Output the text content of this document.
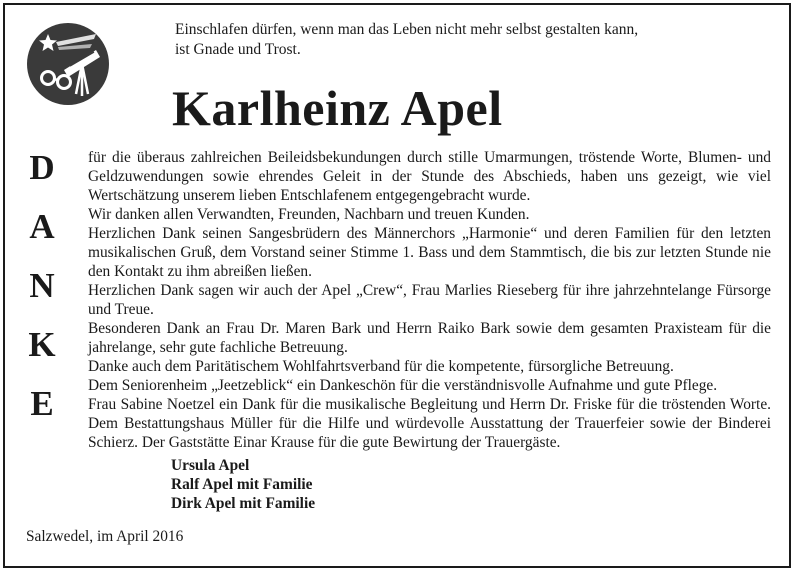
Einschlafen dürfen, wenn man das Leben nicht mehr selbst gestalten kann,
ist Gnade und Trost.
Karlheinz Apel
D
A
N
K
E

für die überaus zahlreichen Beileidsbekundungen durch stille Umarmungen, tröstende Worte, Blumen- und Geldzuwendungen sowie ehrendes Geleit in der Stunde des Abschieds, haben uns gezeigt, wie viel Wertschätzung unserem lieben Entschlafenem entgegengebracht wurde.

Wir danken allen Verwandten, Freunden, Nachbarn und treuen Kunden.

Herzlichen Dank seinen Sangesbrüdern des Männerchors „Harmonie“ und deren Familien für den letzten musikalischen Gruß, dem Vorstand seiner Stimme 1. Bass und dem Stammtisch, die bis zur letzten Stunde nie den Kontakt zu ihm abreißen ließen.

Herzlichen Dank sagen wir auch der Apel „Crew“, Frau Marlies Rieseberg für ihre jahrzehntelange Fürsorge und Treue.

Besonderen Dank an Frau Dr. Maren Bark und Herrn Raiko Bark sowie dem gesamten Praxisteam für die jahrelange, sehr gute fachliche Betreuung.

Danke auch dem Paritätischem Wohlfahrtsverband für die kompetente, fürsorgliche Betreuung.

Dem Seniorenheim „Jeetzeblick“ ein Dankeschön für die verständnisvolle Aufnahme und gute Pflege.

Frau Sabine Noetzel ein Dank für die musikalische Begleitung und Herrn Dr. Friske für die tröstenden Worte. Dem Bestattungshaus Müller für die Hilfe und würdevolle Ausstattung der Trauerfeier sowie der Binderei Schierz. Der Gaststätte Einar Krause für die gute Bewirtung der Trauergäste.

Ursula Apel
Ralf Apel mit Familie
Dirk Apel mit Familie
Salzwedel, im April 2016
